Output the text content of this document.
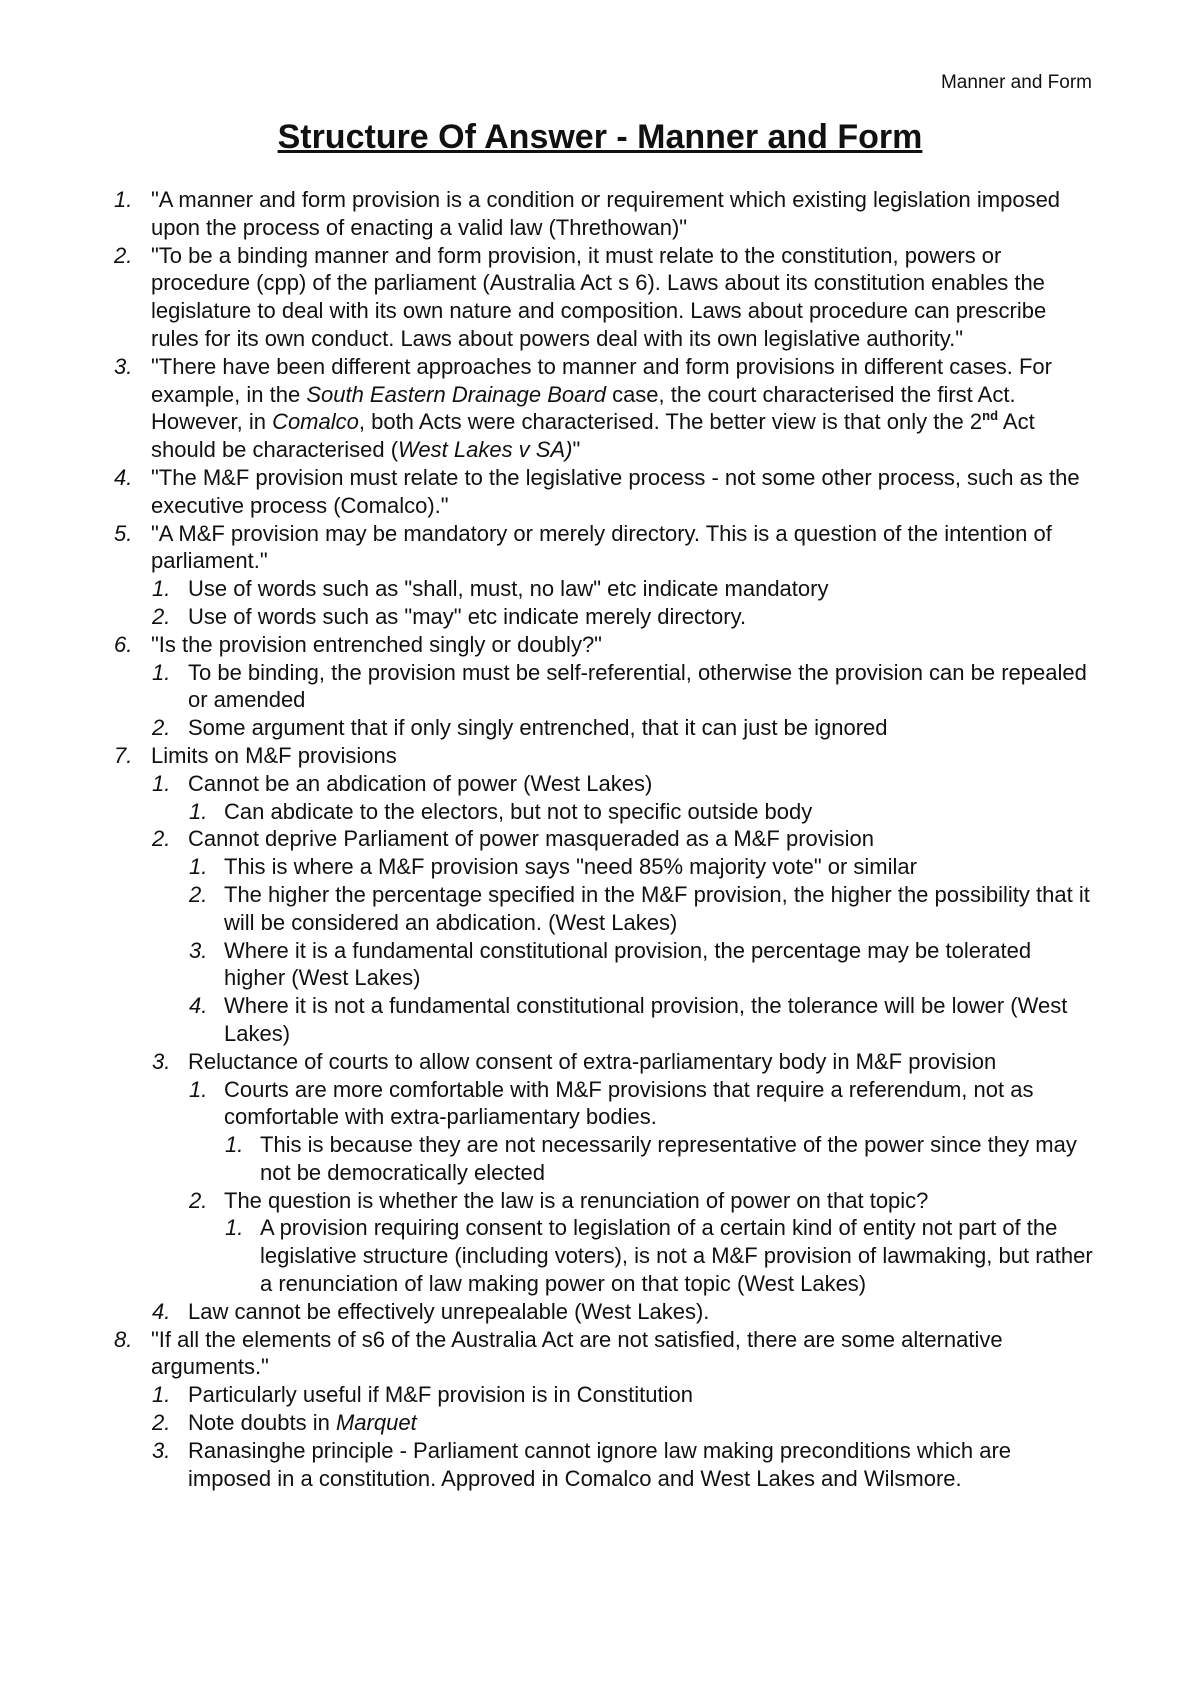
Manner and Form
Structure Of Answer - Manner and Form
1. "A manner and form provision is a condition or requirement which existing legislation imposed upon the process of enacting a valid law (Threthowan)"
2. "To be a binding manner and form provision, it must relate to the constitution, powers or procedure (cpp) of the parliament (Australia Act s 6). Laws about its constitution enables the legislature to deal with its own nature and composition. Laws about procedure can prescribe rules for its own conduct. Laws about powers deal with its own legislative authority."
3. "There have been different approaches to manner and form provisions in different cases. For example, in the South Eastern Drainage Board case, the court characterised the first Act. However, in Comalco, both Acts were characterised. The better view is that only the 2nd Act should be characterised (West Lakes v SA)"
4. "The M&F provision must relate to the legislative process - not some other process, such as the executive process (Comalco)."
5. "A M&F provision may be mandatory or merely directory. This is a question of the intention of parliament."
1. Use of words such as "shall, must, no law" etc indicate mandatory
2. Use of words such as "may" etc indicate merely directory.
6. "Is the provision entrenched singly or doubly?"
1. To be binding, the provision must be self-referential, otherwise the provision can be repealed or amended
2. Some argument that if only singly entrenched, that it can just be ignored
7. Limits on M&F provisions
1. Cannot be an abdication of power (West Lakes)
1. Can abdicate to the electors, but not to specific outside body
2. Cannot deprive Parliament of power masqueraded as a M&F provision
1. This is where a M&F provision says "need 85% majority vote" or similar
2. The higher the percentage specified in the M&F provision, the higher the possibility that it will be considered an abdication. (West Lakes)
3. Where it is a fundamental constitutional provision, the percentage may be tolerated higher (West Lakes)
4. Where it is not a fundamental constitutional provision, the tolerance will be lower (West Lakes)
3. Reluctance of courts to allow consent of extra-parliamentary body in M&F provision
1. Courts are more comfortable with M&F provisions that require a referendum, not as comfortable with extra-parliamentary bodies.
1. This is because they are not necessarily representative of the power since they may not be democratically elected
2. The question is whether the law is a renunciation of power on that topic?
1. A provision requiring consent to legislation of a certain kind of entity not part of the legislative structure (including voters), is not a M&F provision of lawmaking, but rather a renunciation of law making power on that topic (West Lakes)
4. Law cannot be effectively unrepealable (West Lakes).
8. "If all the elements of s6 of the Australia Act are not satisfied, there are some alternative arguments."
1. Particularly useful if M&F provision is in Constitution
2. Note doubts in Marquet
3. Ranasinghe principle - Parliament cannot ignore law making preconditions which are imposed in a constitution. Approved in Comalco and West Lakes and Wilsmore.
